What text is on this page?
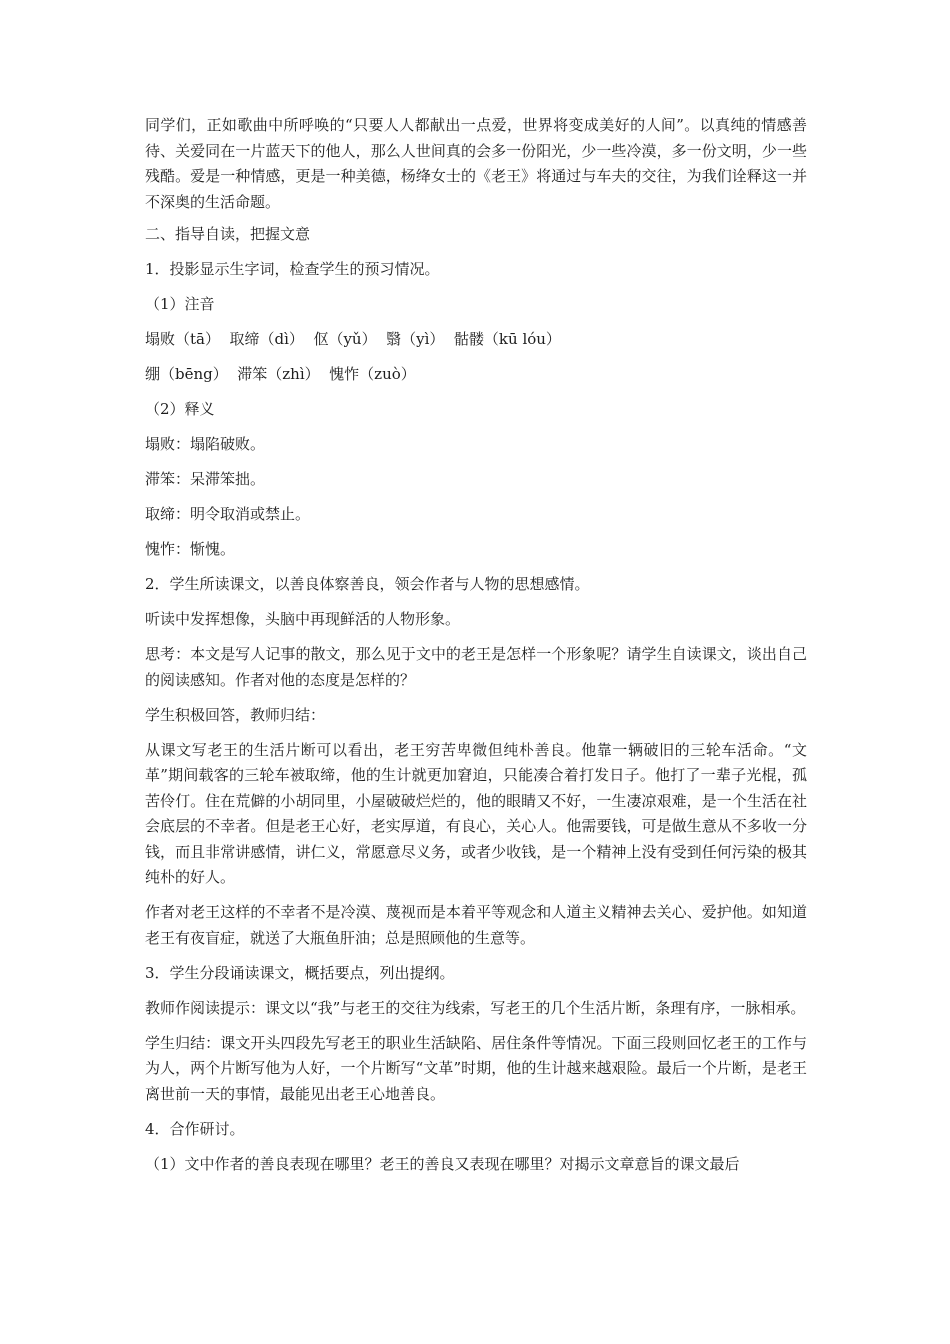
同学们，正如歌曲中所呼唤的“只要人人都献出一点爱，世界将变成美好的人间”。以真纯的情感善待、关爱同在一片蓝天下的他人，那么人世间真的会多一份阳光，少一些冷漠，多一份文明，少一些残酷。爱是一种情感，更是一种美德，杨绛女士的《老王》将通过与车夫的交往，为我们诠释这一并不深奥的生活命题。

二、指导自读，把握文意

1．投影显示生字词，检查学生的预习情况。

（1）注音

塌败（tā）  取缔（dì）  伛（yǔ）  翳（yì）  骷髅（kū lóu）

绷（bēng）  滞笨（zhì）  愧怍（zuò）

（2）释义

塌败：塌陷破败。

滞笨：呆滞笨拙。

取缔：明令取消或禁止。

愧怍：惭愧。

2．学生所读课文，以善良体察善良，领会作者与人物的思想感情。

听读中发挥想像，头脑中再现鲜活的人物形象。

思考：本文是写人记事的散文，那么见于文中的老王是怎样一个形象呢？请学生自读课文，谈出自己的阅读感知。作者对他的态度是怎样的？

学生积极回答，教师归结：

从课文写老王的生活片断可以看出，老王穷苦卑微但纯朴善良。他靠一辆破旧的三轮车活命。“文革”期间载客的三轮车被取缔，他的生计就更加窘迫，只能凑合着打发日子。他打了一辈子光棍，孤苦伶仃。住在荒僻的小胡同里，小屋破破烂烂的，他的眼睛又不好，一生凄凉艰难，是一个生活在社会底层的不幸者。但是老王心好，老实厚道，有良心，关心人。他需要钱，可是做生意从不多收一分钱，而且非常讲感情，讲仁义，常愿意尽义务，或者少收钱，是一个精神上没有受到任何污染的极其纯朴的好人。

作者对老王这样的不幸者不是冷漠、蔑视而是本着平等观念和人道主义精神去关心、爱护他。如知道老王有夜盲症，就送了大瓶鱼肝油；总是照顾他的生意等。

3．学生分段诵读课文，概括要点，列出提纲。

教师作阅读提示：课文以“我”与老王的交往为线索，写老王的几个生活片断，条理有序，一脉相承。

学生归结：课文开头四段先写老王的职业生活缺陷、居住条件等情况。下面三段则回忆老王的工作与为人，两个片断写他为人好，一个片断写“文革”时期，他的生计越来越艰险。最后一个片断，是老王离世前一天的事情，最能见出老王心地善良。

4．合作研讨。

（1）文中作者的善良表现在哪里？老王的善良又表现在哪里？对揭示文章意旨的课文最后
